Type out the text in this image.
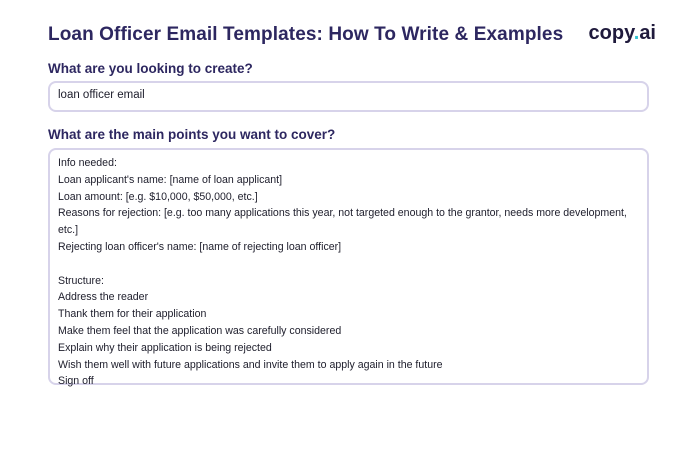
Loan Officer Email Templates: How To Write & Examples copy.ai
What are you looking to create?
loan officer email
What are the main points you want to cover?
Info needed:
Loan applicant's name: [name of loan applicant]
Loan amount: [e.g. $10,000, $50,000, etc.]
Reasons for rejection: [e.g. too many applications this year, not targeted enough to the grantor, needs more development,
etc.]
Rejecting loan officer's name: [name of rejecting loan officer]
Structure:
Address the reader
Thank them for their application
Make them feel that the application was carefully considered
Explain why their application is being rejected
Wish them well with future applications and invite them to apply again in the future
Sign off
